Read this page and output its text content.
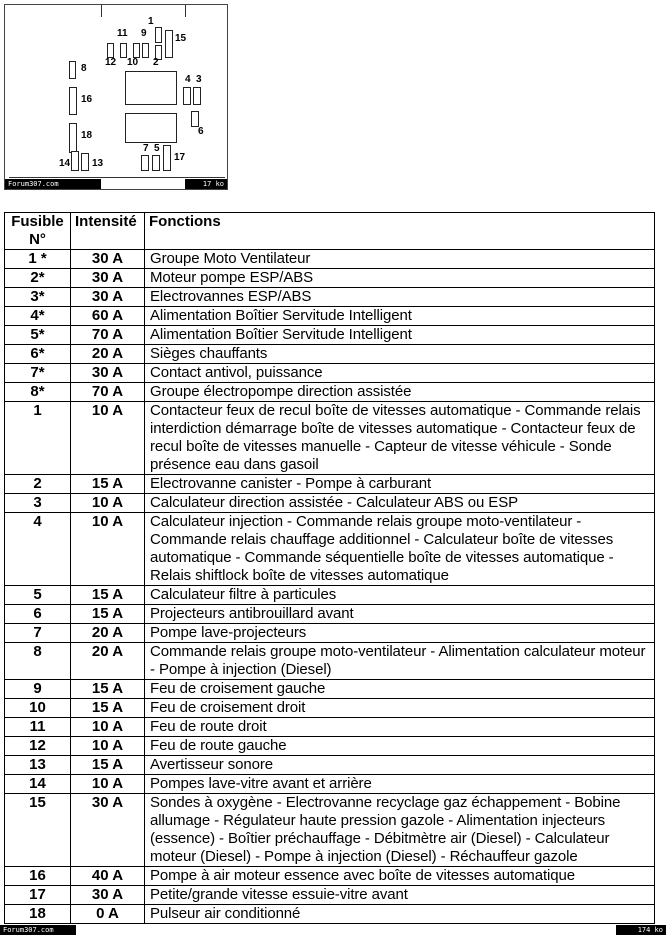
1
15
11 9
12 10 2
8
16
4 3
6
18
7 5
17
14 13
Forum307.com	17 ko
Fusible N°	Intensité	Fonctions
1 *	30 A	Groupe Moto Ventilateur
2*	30 A	Moteur pompe ESP/ABS
3*	30 A	Electrovannes ESP/ABS
4*	60 A	Alimentation Boîtier Servitude Intelligent
5*	70 A	Alimentation Boîtier Servitude Intelligent
6*	20 A	Sièges chauffants
7*	30 A	Contact antivol, puissance
8*	70 A	Groupe électropompe direction assistée
1	10 A	Contacteur feux de recul boîte de vitesses automatique - Commande relais interdiction démarrage boîte de vitesses automatique - Contacteur feux de recul boîte de vitesses manuelle - Capteur de vitesse véhicule - Sonde présence eau dans gasoil
2	15 A	Electrovanne canister - Pompe à carburant
3	10 A	Calculateur direction assistée - Calculateur ABS ou ESP
4	10 A	Calculateur injection - Commande relais groupe moto-ventilateur - Commande relais chauffage additionnel - Calculateur boîte de vitesses automatique - Commande séquentielle boîte de vitesses automatique - Relais shiftlock boîte de vitesses automatique
5	15 A	Calculateur filtre à particules
6	15 A	Projecteurs antibrouillard avant
7	20 A	Pompe lave-projecteurs
8	20 A	Commande relais groupe moto-ventilateur - Alimentation calculateur moteur - Pompe à injection (Diesel)
9	15 A	Feu de croisement gauche
10	15 A	Feu de croisement droit
11	10 A	Feu de route droit
12	10 A	Feu de route gauche
13	15 A	Avertisseur sonore
14	10 A	Pompes lave-vitre avant et arrière
15	30 A	Sondes à oxygène - Electrovanne recyclage gaz échappement - Bobine allumage - Régulateur haute pression gazole - Alimentation injecteurs (essence) - Boîtier préchauffage - Débitmètre air (Diesel) - Calculateur moteur (Diesel) - Pompe à injection (Diesel) - Réchauffeur gazole
16	40 A	Pompe à air moteur essence avec boîte de vitesses automatique
17	30 A	Petite/grande vitesse essuie-vitre avant
18	0 A	Pulseur air conditionné
Forum307.com	174 ko
